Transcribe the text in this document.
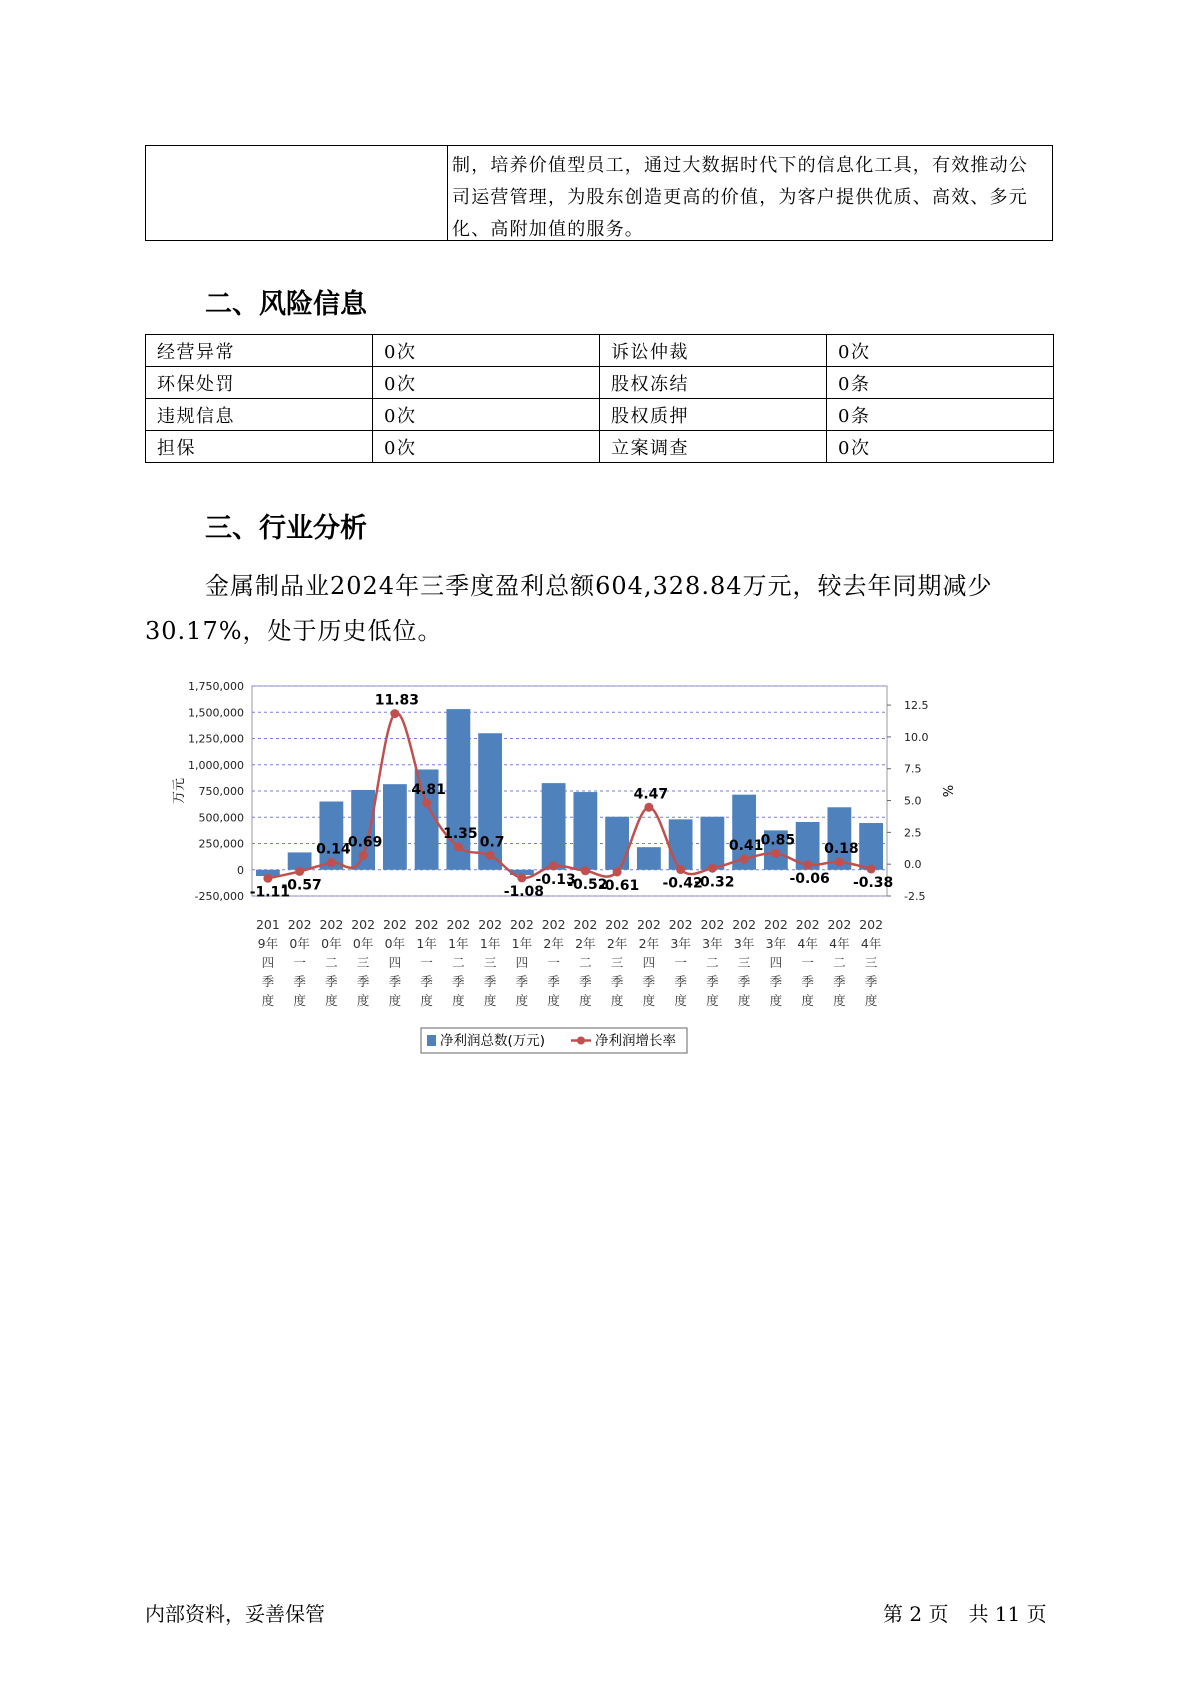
制，培养价值型员工，通过大数据时代下的信息化工具，有效推动公
司运营管理，为股东创造更高的价值，为客户提供优质、高效、多元
化、高附加值的服务。
二、风险信息
经营异常	0次	诉讼仲裁	0次
环保处罚	0次	股权冻结	0条
违规信息	0次	股权质押	0条
担保	0次	立案调查	0次
三、行业分析
金属制品业2024年三季度盈利总额604,328.84万元，较去年同期减少
30.17%，处于历史低位。
-250,000
0
250,000
500,000
750,000
1,000,000
1,250,000
1,500,000
1,750,000
-2.5
0.0
2.5
5.0
7.5
10.0
12.5
万元	%
201
9年
四
季
度
202
0年
一
季
度
202
0年
二
季
度
202
0年
三
季
度
202
0年
四
季
度
202
1年
一
季
度
202
1年
二
季
度
202
1年
三
季
度
202
1年
四
季
度
202
2年
一
季
度
202
2年
二
季
度
202
2年
三
季
度
202
2年
四
季
度
202
3年
一
季
度
202
3年
二
季
度
202
3年
三
季
度
202
3年
四
季
度
202
4年
一
季
度
202
4年
二
季
度
202
4年
三
季
度
-1.11
-0.57
0.14
0.69
11.83
4.81
1.35
0.7
-1.08
-0.13
-0.52
-0.61
4.47
-0.42
-0.32
0.41
0.85
-0.06
0.18
-0.38
净利润总数(万元)	净利润增长率
内部资料，妥善保管	第 2 页　共 11 页
